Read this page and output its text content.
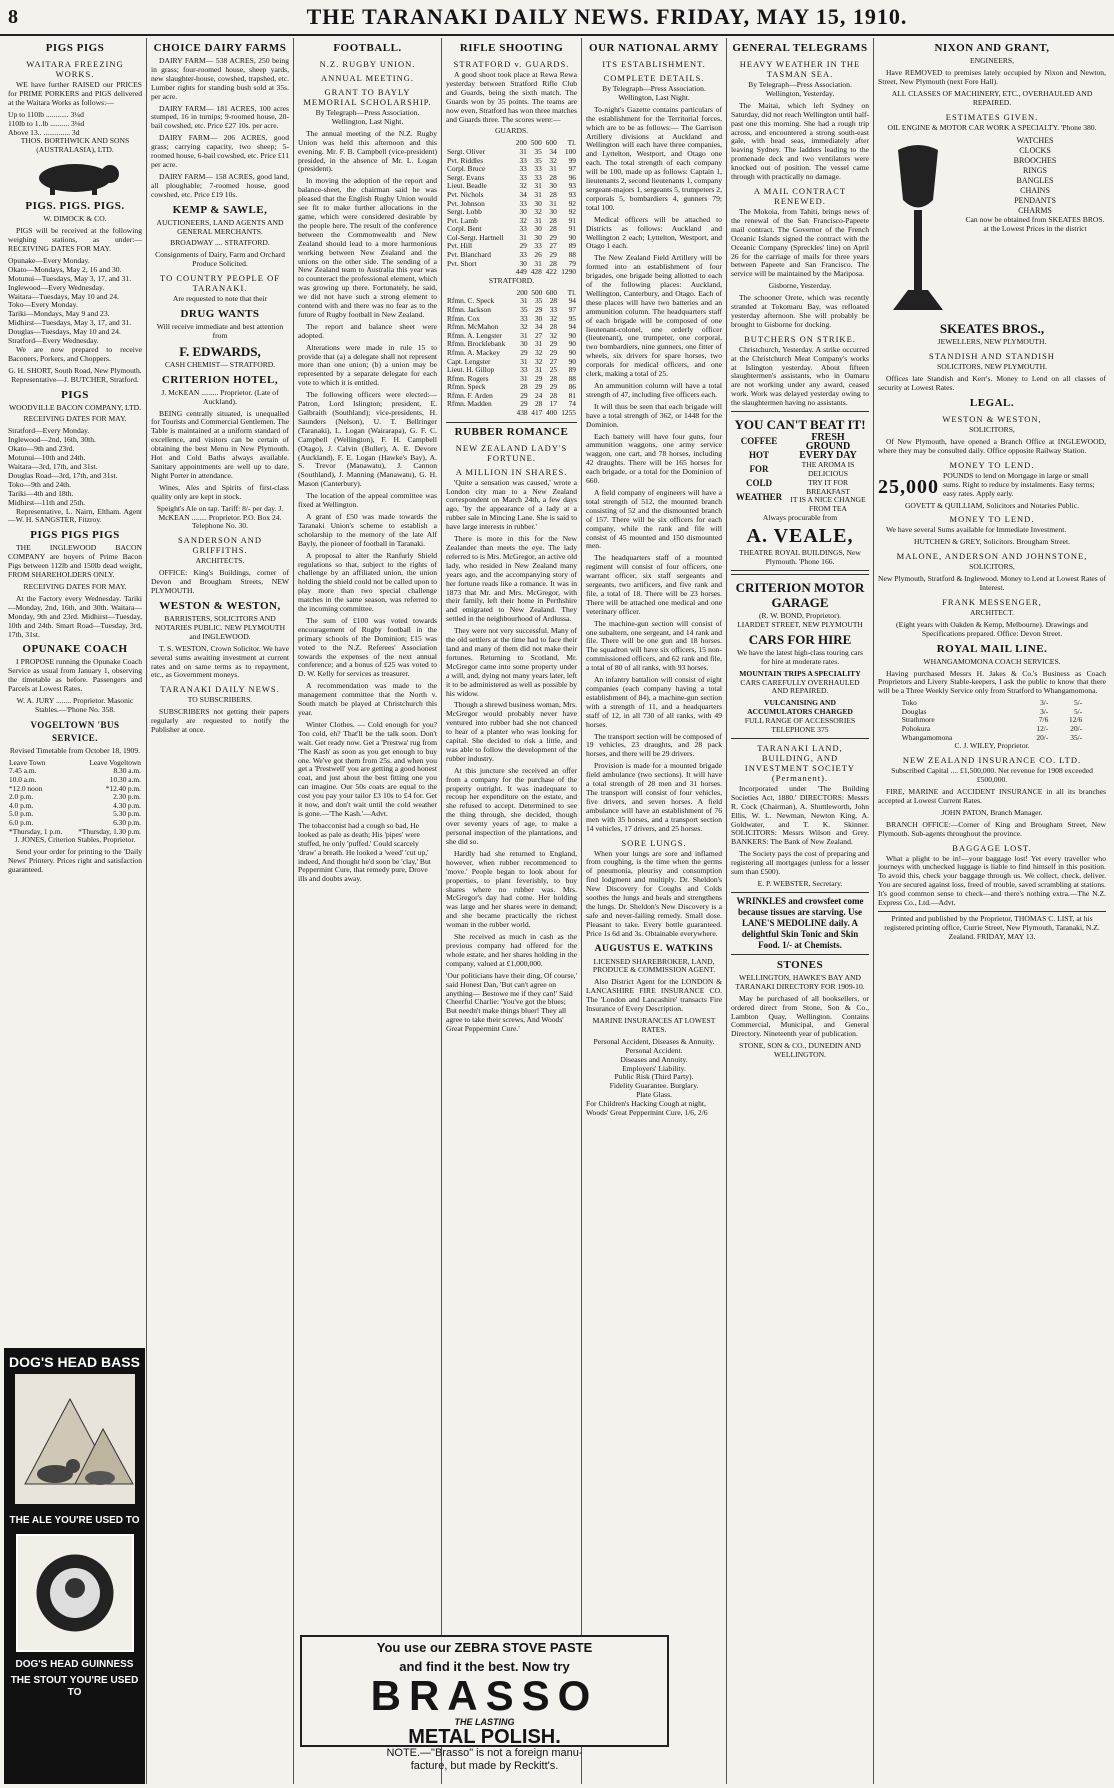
8	THE TARANAKI DAILY NEWS. FRIDAY, MAY 15, 1910.
PIGS PIGS
WAITARA FREEZING WORKS.

WE have further RAISED our PRICES for PRIME PORKERS and PIGS delivered at the Waitara Works as follows:—

Up to 110lb ............ 3¼d
110lb to 1..lb .......... 3⅛d
Above 13.. .............. 3d

THOS. BORTHWICK AND SONS (AUSTRALASIA), LTD.

PIGS. PIGS. PIGS.

W. DIMOCK & CO.

PIGS will be received at the following weighing stations, as under:— RECEIVING DATES FOR MAY.

Opunake—Every Monday.
Okato—Mondays, May 2, 16 and 30.
Motunui—Tuesdays, May 3, 17, and 31.
Inglewood—Every Wednesday.
Waitara—Tuesdays, May 10 and 24.
Toko—Every Monday.
Tariki—Mondays, May 9 and 23.
Midhirst—Tuesdays, May 3, 17, and 31.
Douglas—Tuesdays, May 10 and 24.
Stratford—Every Wednesday.

We are now prepared to receive Baconers, Porkers, and Choppers.

G. H. SHORT, South Road, New Plymouth. Representative—J. BUTCHER, Stratford.

PIGS

WOODVILLE BACON COMPANY, LTD.

RECEIVING DATES FOR MAY.

Stratford—Every Monday.
Inglewood—2nd, 16th, 30th.
Okato—9th and 23rd.
Motunui—10th and 24th.
Waitara—3rd, 17th, and 31st.
Douglas Road—3rd, 17th, and 31st.
Toko—9th and 24th.
Tariki—4th and 18th.
Midhirst—11th and 25th.

Representative, L. Nairn, Eltham. Agent—W. H. SANGSTER, Fitzroy.

PIGS PIGS PIGS

THE INGLEWOOD BACON COMPANY are buyers of Prime Bacon Pigs between 112lb and 150lb dead weight, FROM SHAREHOLDERS ONLY.

RECEIVING DATES FOR MAY.

At the Factory every Wednesday. Tariki—Monday, 2nd, 16th, and 30th. Waitara—Monday, 9th and 23rd. Midhirst—Tuesday, 10th and 24th. Smart Road—Tuesday, 3rd, 17th, 31st.

OPUNAKE COACH

I PROPOSE running the Opunake Coach Service as usual from January 1, observing the timetable as before. Passengers and Parcels at Lowest Rates.

W. A. JURY ........ Proprietor. Masonic Stables.—'Phone No. 358.

VOGELTOWN 'BUS SERVICE.

Revised Timetable from October 18, 1909.

Leave Town	Leave Vogeltown
7.45 a.m.	8.30 a.m.
10.0 a.m.	10.30 a.m.
*12.0 noon	*12.40 p.m.
2.0 p.m.	2.30 p.m.
4.0 p.m.	4.30 p.m.
5.0 p.m.	5.30 p.m.
6.0 p.m.	6.30 p.m.
*Thursday, 1 p.m.	*Thursday, 1.30 p.m.

J. JONES, Criterion Stables, Proprietor.

Send your order for printing to the 'Daily News' Printery. Prices right and satisfaction guaranteed.

DOG'S HEAD BASS
THE ALE YOU'RE USED TO
DOG'S HEAD GUINNESS
THE STOUT YOU'RE USED TO
CHOICE DAIRY FARMS

DAIRY FARM— 538 ACRES, 250 being in grass; four-roomed house, sheep yards, new slaughter-house, cowshed, trapshed, etc. Lumber rights for standing bush sold at 35s. per acre.

DAIRY FARM— 181 ACRES, 100 acres stumped, 16 in turnips; 9-roomed house, 20-bail cowshed, etc. Price £27 10s. per acre.

DAIRY FARM— 206 ACRES, good grass; carrying capacity, two sheep; 5-roomed house, 6-bail cowshed, etc. Price £11 per acre.

DAIRY FARM— 158 ACRES, good land, all ploughable; 7-roomed house, good cowshed, etc. Price £19 10s.

KEMP & SAWLE,

AUCTIONEERS, LAND AGENTS AND GENERAL MERCHANTS.

BROADWAY .... STRATFORD.

Consignments of Dairy, Farm and Orchard Produce Solicited.

TO COUNTRY PEOPLE OF TARANAKI.

Are requested to note that their

DRUG WANTS

Will receive immediate and best attention from

F. EDWARDS,

CASH CHEMIST— STRATFORD.

CRITERION HOTEL,

J. McKEAN ......... Proprietor. (Late of Auckland).

BEING centrally situated, is unequalled for Tourists and Commercial Gentlemen. The Table is maintained at a uniform standard of excellence, and visitors can be certain of obtaining the best Menu in New Plymouth. Hot and Cold Baths always available. Sanitary appointments are well up to date. Night Porter in attendance.

Wines, Ales and Spirits of first-class quality only are kept in stock.

Speight's Ale on tap. Tariff: 8/- per day. J. McKEAN ........ Proprietor. P.O. Box 24. Telephone No. 30.

SANDERSON AND GRIFFITHS.

ARCHITECTS.

OFFICE: King's Buildings, corner of Devon and Brougham Streets, NEW PLYMOUTH.

WESTON & WESTON,

BARRISTERS, SOLICITORS AND NOTARIES PUBLIC. NEW PLYMOUTH and INGLEWOOD.

T. S. WESTON, Crown Solicitor. We have several sums awaiting investment at current rates and on same terms as to repayment, etc., as Government moneys.

TARANAKI DAILY NEWS.

TO SUBSCRIBERS.

SUBSCRIBERS not getting their papers regularly are requested to notify the Publisher at once.

FOOTBALL.
N.Z. RUGBY UNION.
ANNUAL MEETING.
GRANT TO BAYLY MEMORIAL SCHOLARSHIP.

By Telegraph—Press Association. Wellington, Last Night.

The annual meeting of the N.Z. Rugby Union was held this afternoon and this evening. Mr. F. B. Campbell (vice-president) presided, in the absence of Mr. L. Logan (president).

In moving the adoption of the report and balance-sheet, the chairman said he was pleased that the English Rugby Union would see fit to make further allocations in the game, which were considered desirable by the people here. The result of the conference between the Commonwealth and New Zealand should lead to a more harmonious working between New Zealand and the unions on the other side. The sending of a New Zealand team to Australia this year was to counteract the professional element, which was growing up there. Fortunately, he said, we did not have such a strong element to contend with and there was no fear as to the future of Rugby football in New Zealand.

The report and balance sheet were adopted.

Alterations were made in rule 15 to provide that (a) a delegate shall not represent more than one union; (b) a union may be represented by a separate delegate for each vote to which it is entitled.

The following officers were elected:— Patron, Lord Islington; president, E. Galbraith (Southland); vice-presidents, H. Saunders (Nelson), U. T. Bellringer (Taranaki), L. Logan (Wairarapa), G. F. C. Campbell (Wellington), F. H. Campbell (Otago), J. Calvin (Buller), A. E. Devore (Auckland), F. E. Logan (Hawke's Bay), A. S. Trevor (Manawatu), J. Cannon (Southland), J. Manning (Manawatu), G. H. Mason (Canterbury).

The location of the appeal committee was fixed at Wellington.

A grant of £50 was made towards the Taranaki Union's scheme to establish a scholarship to the memory of the late Alf Bayly, the pioneer of football in Taranaki.

A proposal to alter the Ranfurly Shield regulations so that, subject to the rights of challenge by an affiliated union, the union holding the shield could not be called upon to play more than two special challenge matches in the same season, was referred to the incoming committee.

The sum of £100 was voted towards encouragement of Rugby football in the primary schools of the Dominion; £15 was voted to the N.Z. Referees' Association towards the expenses of the next annual conference; and a bonus of £25 was voted to D. W. Kelly for services as treasurer.

A recommendation was made to the management committee that the North v. South match be played at Christchurch this year.

Winter Clothes. — Cold enough for you? Too cold, eh? That'll be the talk soon. Don't wait. Get ready now. Get a 'Prestwa' rug from 'The Kash' as soon as you get enough to buy one. We've got them from 25s. and when you get a 'Prestwell' you are getting a good honest coat, and just about the best fitting one you can imagine. Our 50s coats are equal to the cost you pay your tailor £3 10s to £4 for. Get it now, and don't wait until the cold weather is gone.—'The Kash.'—Advt.

The tobacconist had a cough so bad, He looked as pale as death; His 'pipes' were stuffed, he only 'puffed.' Could scarcely 'draw' a breath. He looked a 'weed' 'cut up,' indeed, And thought he'd soon be 'clay,' But Peppermint Cure, that remedy pure, Drove ills and doubts away.

RIFLE SHOOTING
STRATFORD v. GUARDS.

A good shoot took place at Rewa Rewa yesterday between Stratford Rifle Club and Guards, being the sixth match. The Guards won by 35 points. The teams are now even, Stratford has won three matches and Guards three. The scores were:—

GUARDS.

	200	500	600	Tl.
Sergt. Oliver	31	35	34	100
Pvt. Riddles	33	35	32	99
Corpl. Bruce	33	33	31	97
Sergt. Evans	33	33	28	96
Lieut. Beadle	32	31	30	93
Pvt. Nichols	34	31	28	93
Pvt. Johnson	33	30	31	92
Sergt. Lobb	30	32	30	92
Pvt. Lamb	32	31	28	91
Corpl. Bent	33	30	28	91
Col-Sergt. Hartnell	31	30	29	90
Pvt. Hill	29	33	27	89
Pvt. Blanchard	33	26	29	88
Pvt. Short	30	31	28	79
	449	428	422	1290

STRATFORD.

	200	500	600	Tl.
Rfmn. C. Speck	31	35	28	94
Rfmn. Jackson	35	29	33	97
Rfmn. Cox	33	30	32	95
Rfmn. McMahon	32	34	28	94
Rfmn. A. Lengster	31	27	32	90
Rfmn. Brocklebank	30	31	29	90
Rfmn. A. Mackey	29	32	29	90
Capt. Lengster	31	32	27	90
Lieut. H. Gillop	33	31	25	89
Rfmn. Rogers	31	29	28	88
Rfmn. Speck	28	29	29	86
Rfmn. F. Arden	29	24	28	81
Rfmn. Madden	29	28	17	74
	438	417	400	1255
RUBBER ROMANCE
NEW ZEALAND LADY'S FORTUNE.
A MILLION IN SHARES.

'Quite a sensation was caused,' wrote a London city man to a New Zealand correspondent on March 24th, a few days ago, 'by the appearance of a lady at a rubber sale in Mincing Lane. She is said to have large interests in rubber.'

There is more in this for the New Zealander than meets the eye. The lady referred to is Mrs. McGregor, an active old lady, who resided in New Zealand many years ago, and the accompanying story of her fortune reads like a romance. It was in 1873 that Mr. and Mrs. McGregor, with their family, left their home in Perthshire and emigrated to New Zealand. They settled in the neighbourhood of Ardlussa.

They were not very successful. Many of the old settlers at the time had to face their land and many of them did not make their fortunes. Returning to Scotland, Mr. McGregor came into some property under a will, and, dying not many years later, left it to be administered as well as possible by his widow.

Though a shrewd business woman, Mrs. McGregor would probably never have ventured into rubber had she not chanced to hear of a planter who was looking for capital. She decided to risk a little, and was able to follow the development of the rubber industry.

At this juncture she received an offer from a company for the purchase of the property outright. It was inadequate to recoup her expenditure on the estate, and she refused to accept. Determined to see the thing through, she decided, though over seventy years of age, to make a personal inspection of the plantations, and she did so.

Hardly had she returned to England, however, when rubber recommenced to 'move.' People began to look about for properties, to plant feverishly, to buy shares where no rubber was. Mrs. McGregor's day had come. Her holding was large and her shares were in demand; and she became practically the richest woman in the rubber world.

She received as much in cash as the previous company had offered for the whole estate, and her shares holding in the company, valued at £1,000,000.

'Our politicians have their ding, Of course,' said Honest Dan, 'But can't agree on anything— Bestowe me if they can!' Said Cheerful Charlie: 'You've got the blues; But needn't make things bluer! They all agree to take their screws, And Woods' Great Peppermint Cure.'

OUR NATIONAL ARMY
ITS ESTABLISHMENT.
COMPLETE DETAILS.

By Telegraph—Press Association. Wellington, Last Night.

To-night's Gazette contains particulars of the establishment for the Territorial forces, which are to be as follows:— The Garrison Artillery divisions at Auckland and Wellington will each have three companies, and Lyttelton, Westport, and Otago one each. The total strength of each company will be 100, made up as follows: Captain 1, lieutenants 2, second lieutenants 1, company sergeant-majors 1, sergeants 5, trumpeters 2, corporals 5, bombardiers 4, gunners 79; total 100.

Medical officers will be attached to Districts as follows: Auckland and Wellington 2 each; Lyttelton, Westport, and Otago 1 each.

The New Zealand Field Artillery will be formed into an establishment of four brigades, one brigade being allotted to each of the following places: Auckland, Wellington, Canterbury, and Otago. Each of these places will have two batteries and an ammunition column. The headquarters staff of each brigade will be composed of one lieutenant-colonel, one orderly officer (lieutenant), one trumpeter, one corporal, two bombardiers, nine gunners, one fitter of wheels, six drivers for spare horses, two corporals for medical officers, and one clerk, making a total of 25.

An ammunition column will have a total strength of 47, including five officers each.

It will thus be seen that each brigade will have a total strength of 362, or 1448 for the Dominion.

Each battery will have four guns, four ammunition waggons, one army service waggon, one cart, and 78 horses, including 42 draughts. There will be 165 horses for each brigade, or a total for the Dominion of 660.

A field company of engineers will have a total strength of 512, the mounted branch consisting of 52 and the dismounted branch of 157. There will be six officers for each company, while the rank and file will consist of 45 mounted and 150 dismounted men.

The headquarters staff of a mounted regiment will consist of four officers, one warrant officer, six staff sergeants and sergeants, two artificers, and five rank and file, a total of 18. There will be 23 horses. There will be attached one medical and one veterinary officer.

The machine-gun section will consist of one subaltern, one sergeant, and 14 rank and file. There will be one gun and 18 horses. The squadron will have six officers, 15 non-commissioned officers, and 62 rank and file, a total of 80 of all ranks, with 93 horses.

An infantry battalion will consist of eight companies (each company having a total establishment of 84), a machine-gun section with a strength of 11, and a headquarters staff of 12, in all 730 of all ranks, with 49 horses.

The transport section will be composed of 19 vehicles, 23 draughts, and 28 pack horses, and there will be 29 drivers.

Provision is made for a mounted brigade field ambulance (two sections). It will have a total strength of 28 men and 31 horses. The transport will consist of four vehicles, five drivers, and seven horses. A field ambulance will have an establishment of 76 men with 35 horses, and a transport section 14 vehicles, 17 drivers, and 25 horses.

SORE LUNGS.

When your lungs are sore and inflamed from coughing, is the time when the germs of pneumonia, pleurisy and consumption find lodgment and multiply. Dr. Sheldon's New Discovery for Coughs and Colds soothes the lungs and heals and strengthens the lungs. Dr. Sheldon's New Discovery is a safe and never-failing remedy. Small dose. Pleasant to take. Every bottle guaranteed. Price 1s 6d and 3s. Obtainable everywhere.

AUGUSTUS E. WATKINS

LICENSED SHAREBROKER, LAND, PRODUCE & COMMISSION AGENT.

Also District Agent for the LONDON & LANCASHIRE FIRE INSURANCE CO. The 'London and Lancashire' transacts Fire Insurance of Every Description.

MARINE INSURANCES AT LOWEST RATES.

Personal Accident, Diseases & Annuity.
Personal Accident.
Diseases and Annuity.
Employers' Liability.
Public Risk (Third Party).
Fidelity Guarantee. Burglary.
Plate Glass.

For Children's Hacking Cough at night, Woods' Great Peppermint Cure, 1/6, 2/6

GENERAL TELEGRAMS
HEAVY WEATHER IN THE TASMAN SEA.

By Telegraph—Press Association. Wellington, Yesterday.

The Maitai, which left Sydney on Saturday, did not reach Wellington until half-past one this morning. She had a rough trip across, and encountered a strong south-east gale, with head seas, immediately after leaving Sydney. The ladders leading to the promenade deck and two ventilators were knocked out of position. The vessel came through with practically no damage.

A MAIL CONTRACT RENEWED.

The Mokoia, from Tahiti, brings news of the renewal of the San Francisco-Papeete mail contract. The Governor of the French Oceanic Islands signed the contract with the Oceanic Company (Spreckles' line) on April 26 for the carriage of mails for three years between Papeete and San Francisco. The service will be maintained by the Mariposa.

Gisborne, Yesterday.

The schooner Orete, which was recently stranded at Tokomaru Bay, was refloated yesterday afternoon. She will probably be brought to Gisborne for docking.

BUTCHERS ON STRIKE.

Christchurch, Yesterday. A strike occurred at the Christchurch Meat Company's works at Islington yesterday. About fifteen slaughtermen's assistants, who in Oamaru are not working under any award, ceased work. Work was delayed yesterday owing to the slaughtermen having no assistants.

YOU CAN'T BEAT IT!
COFFEE
HOT
FOR
COLD
WEATHER
FRESH GROUND EVERY DAY
THE AROMA IS DELICIOUS
TRY IT FOR BREAKFAST
IT IS A NICE CHANGE FROM TEA
Always procurable from
A. VEALE,
THEATRE ROYAL BUILDINGS, New Plymouth. 'Phone 166.
CRITERION MOTOR GARAGE
(R. W. BOND, Proprietor).
LIARDET STREET, NEW PLYMOUTH
CARS FOR HIRE
We have the latest high-class touring cars for hire at moderate rates.
MOUNTAIN TRIPS A SPECIALITY
CARS CAREFULLY OVERHAULED AND REPAIRED.
VULCANISING AND ACCUMULATORS CHARGED
FULL RANGE OF ACCESSORIES TELEPHONE 375
TARANAKI LAND, BUILDING, AND INVESTMENT SOCIETY (Permanent).

Incorporated under 'The Building Societies Act, 1880.' DIRECTORS: Messrs R. Cock (Chairman), A. Shuttleworth, John Ellis, W. L. Newman, Newton King, A. Goldwater, and T. K. Skinner. SOLICITORS: Messrs Wilson and Grey. BANKERS: The Bank of New Zealand.

The Society pays the cost of preparing and registering all mortgages (unless for a lesser sum than £500).

E. P. WEBSTER, Secretary.

WRINKLES and crowsfeet come because tissues are starving. Use LANE'S MEDOLINE daily. A delightful Skin Tonic and Skin Food. 1/- at Chemists.
STONES

WELLINGTON, HAWKE'S BAY AND TARANAKI DIRECTORY FOR 1909-10.

May be purchased of all booksellers, or ordered direct from Stone, Son & Co., Lambton Quay, Wellington. Contains Commercial, Municipal, and General Directory. Nineteenth year of publication.

STONE, SON & CO., DUNEDIN AND WELLINGTON.

NIXON AND GRANT,

ENGINEERS,

Have REMOVED to premises lately occupied by Nixon and Newton, Street, New Plymouth (next Fore Hall).

ALL CLASSES OF MACHINERY, ETC., OVERHAULED AND REPAIRED.

ESTIMATES GIVEN.

OIL ENGINE & MOTOR CAR WORK A SPECIALTY. 'Phone 380.

WATCHES
CLOCKS
BROOCHES
RINGS
BANGLES
CHAINS
PENDANTS
CHARMS

Can now be obtained from SKEATES BROS. at the Lowest Prices in the district

SKEATES BROS.,

JEWELLERS, NEW PLYMOUTH.

STANDISH AND STANDISH

SOLICITORS, NEW PLYMOUTH.

Offices late Standish and Kerr's. Money to Lend on all classes of security at Lowest Rates.

LEGAL.
WESTON & WESTON,

SOLICITORS,

Of New Plymouth, have opened a Branch Office at INGLEWOOD, where they may be consulted daily. Office opposite Railway Station.

MONEY TO LEND.
25,000

POUNDS to lend on Mortgage in large or small sums. Right to reduce by instalments. Easy terms; easy rates. Apply early.

GOVETT & QUILLIAM, Solicitors and Notaries Public.

MONEY TO LEND.

We have several Sums available for Immediate Investment.

HUTCHEN & GREY, Solicitors. Brougham Street.

MALONE, ANDERSON AND JOHNSTONE,

SOLICITORS,

New Plymouth, Stratford & Inglewood. Money to Lend at Lowest Rates of Interest.

FRANK MESSENGER,

ARCHITECT.

(Eight years with Oakden & Kemp, Melbourne). Drawings and Specifications prepared. Office: Devon Street.

ROYAL MAIL LINE.

WHANGAMOMONA COACH SERVICES.

Having purchased Messrs H. Jakes & Co.'s Business as Coach Proprietors and Livery Stable-keepers, I ask the public to know that there will be a Three Weekly Service only from Stratford to Whangamomona.

Toko	3/-	5/-
Douglas	3/-	5/-
Strathmore	7/6	12/6
Pohokura	12/-	20/-
Whangamomona	20/-	35/-

C. J. WILEY, Proprietor.

NEW ZEALAND INSURANCE CO. LTD.

Subscribed Capital .... £1,500,000. Net revenue for 1908 exceeded £500,000.

FIRE, MARINE and ACCIDENT INSURANCE in all its branches accepted at Lowest Current Rates.

JOHN PATON, Branch Manager.

BRANCH OFFICE:—Corner of King and Brougham Street, New Plymouth. Sub-agents throughout the province.

BAGGAGE LOST.

What a plight to be in!—your baggage lost! Yet every traveller who journeys with unchecked luggage is liable to find himself in this position. To avoid this, check your baggage through us. We collect, check, deliver. You are secured against loss, freed of trouble, saved scrambling at stations. It's good common sense to check—and there's nothing extra.—The N.Z. Express Co., Ltd.—Advt.

Printed and published by the Proprietor, THOMAS C. LIST, at his registered printing office, Currie Street, New Plymouth, Taranaki, N.Z. Zealand. FRIDAY, MAY 13.

You use our ZEBRA STOVE PASTE
and find it the best. Now try
BRASSO
THE LASTING
METAL POLISH.
NOTE.—"Brasso" is not a foreign manu-
facture, but made by Reckitt's.
